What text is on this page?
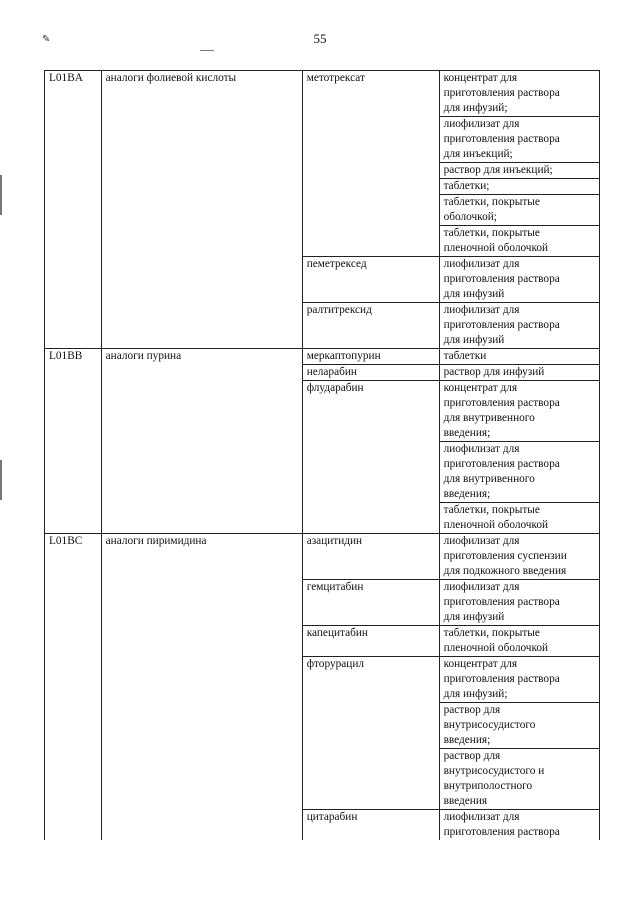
55
✎
L01BA	аналоги фолиевой кислоты	метотрексат	концентрат для
приготовления раствора
для инфузий;

			лиофилизат для
приготовления раствора
для инъекций;

			раствор для инъекций;

			таблетки;

			таблетки, покрытые
оболочкой;

			таблетки, покрытые
пленочной оболочкой

		пеметрексед	лиофилизат для
приготовления раствора
для инфузий

		ралтитрексид	лиофилизат для
приготовления раствора
для инфузий

L01BB	аналоги пурина	меркаптопурин	таблетки

		неларабин	раствор для инфузий

		флударабин	концентрат для
приготовления раствора
для внутривенного
введения;

			лиофилизат для
приготовления раствора
для внутривенного
введения;

			таблетки, покрытые
пленочной оболочкой

L01BC	аналоги пиримидина	азацитидин	лиофилизат для
приготовления суспензии
для подкожного введения

		гемцитабин	лиофилизат для
приготовления раствора
для инфузий

		капецитабин	таблетки, покрытые
пленочной оболочкой

		фторурацил	концентрат для
приготовления раствора
для инфузий;

			раствор для
внутрисосудистого
введения;

			раствор для
внутрисосудистого и
внутриполостного
введения

		цитарабин	лиофилизат для
приготовления раствора
